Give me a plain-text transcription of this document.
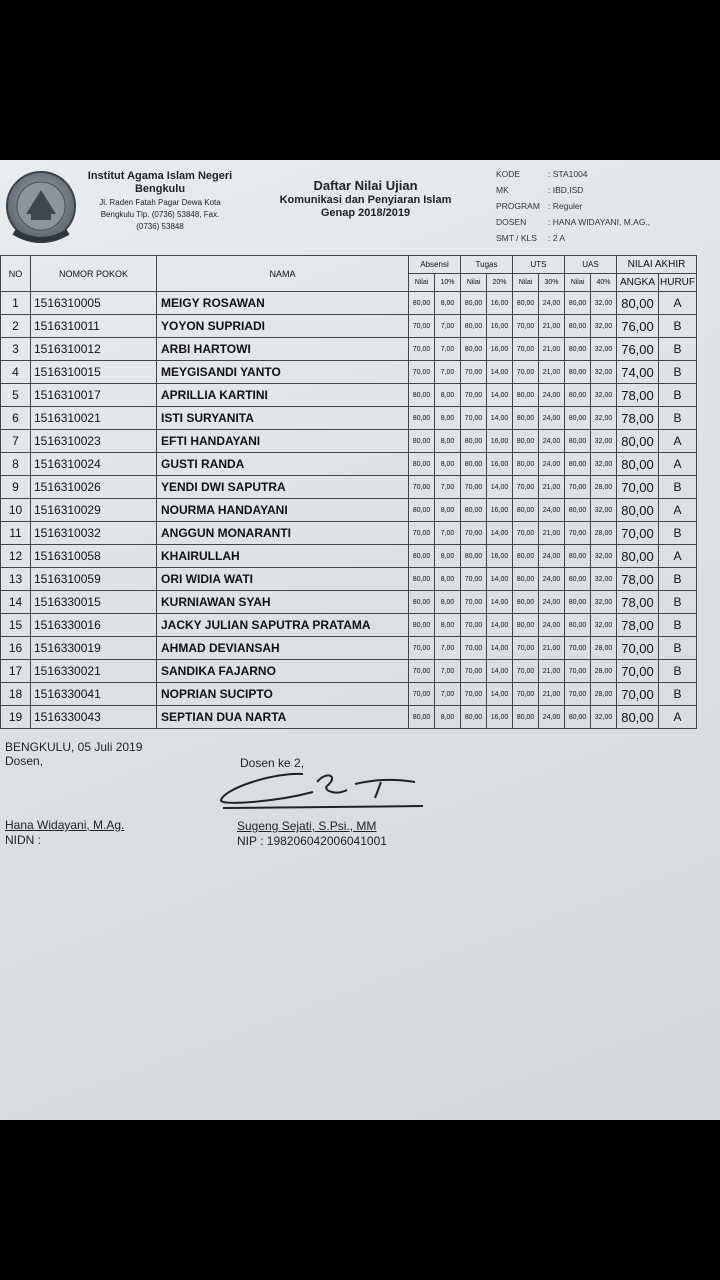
Institut Agama Islam Negeri
Bengkulu
Jl. Raden Fatah Pagar Dewa Kota
Bengkulu Tlp. (0736) 53848, Fax.
(0736) 53848
Daftar Nilai Ujian
Komunikasi dan Penyiaran Islam
Genap 2018/2019
KODE	: STA1004
MK	: IBD,ISD
PROGRAM : Reguler
DOSEN	: HANA WIDAYANI, M.AG.,
SMT / KLS	: 2 A
NO	NOMOR POKOK	NAMA	Absensi		Tugas		UTS		UAS		NILAI AKHIR	
			Nilai	10%	Nilai	20%	Nilai	30%	Nilai	40%	ANGKA	HURUF
1	1516310005	MEIGY ROSAWAN	80,00	8,00	80,00	16,00	80,00	24,00	80,00	32,00	80,00	A
2	1516310011	YOYON SUPRIADI	70,00	7,00	80,00	16,00	70,00	21,00	80,00	32,00	76,00	B
3	1516310012	ARBI HARTOWI	70,00	7,00	80,00	16,00	70,00	21,00	80,00	32,00	76,00	B
4	1516310015	MEYGISANDI YANTO	70,00	7,00	70,00	14,00	70,00	21,00	80,00	32,00	74,00	B
5	1516310017	APRILLIA KARTINI	80,00	8,00	70,00	14,00	80,00	24,00	80,00	32,00	78,00	B
6	1516310021	ISTI SURYANITA	80,00	8,00	70,00	14,00	80,00	24,00	80,00	32,00	78,00	B
7	1516310023	EFTI HANDAYANI	80,00	8,00	80,00	16,00	80,00	24,00	80,00	32,00	80,00	A
8	1516310024	GUSTI RANDA	80,00	8,00	80,00	16,00	80,00	24,00	80,00	32,00	80,00	A
9	1516310026	YENDI DWI SAPUTRA	70,00	7,00	70,00	14,00	70,00	21,00	70,00	28,00	70,00	B
10	1516310029	NOURMA HANDAYANI	80,00	8,00	80,00	16,00	80,00	24,00	80,00	32,00	80,00	A
11	1516310032	ANGGUN MONARANTI	70,00	7,00	70,00	14,00	70,00	21,00	70,00	28,00	70,00	B
12	1516310058	KHAIRULLAH	80,00	8,00	80,00	16,00	80,00	24,00	80,00	32,00	80,00	A
13	1516310059	ORI WIDIA WATI	80,00	8,00	70,00	14,00	80,00	24,00	80,00	32,00	78,00	B
14	1516330015	KURNIAWAN SYAH	80,00	8,00	70,00	14,00	80,00	24,00	80,00	32,00	78,00	B
15	1516330016	JACKY JULIAN SAPUTRA PRATAMA	80,00	8,00	70,00	14,00	80,00	24,00	80,00	32,00	78,00	B
16	1516330019	AHMAD DEVIANSAH	70,00	7,00	70,00	14,00	70,00	21,00	70,00	28,00	70,00	B
17	1516330021	SANDIKA FAJARNO	70,00	7,00	70,00	14,00	70,00	21,00	70,00	28,00	70,00	B
18	1516330041	NOPRIAN SUCIPTO	70,00	7,00	70,00	14,00	70,00	21,00	70,00	28,00	70,00	B
19	1516330043	SEPTIAN DUA NARTA	80,00	8,00	80,00	16,00	80,00	24,00	80,00	32,00	80,00	A
BENGKULU, 05 Juli 2019
Dosen,	Dosen ke 2,
Hana Widayani, M.Ag.
NIDN :
Sugeng Sejati, S.Psi., MM
NIP : 198206042006041001
